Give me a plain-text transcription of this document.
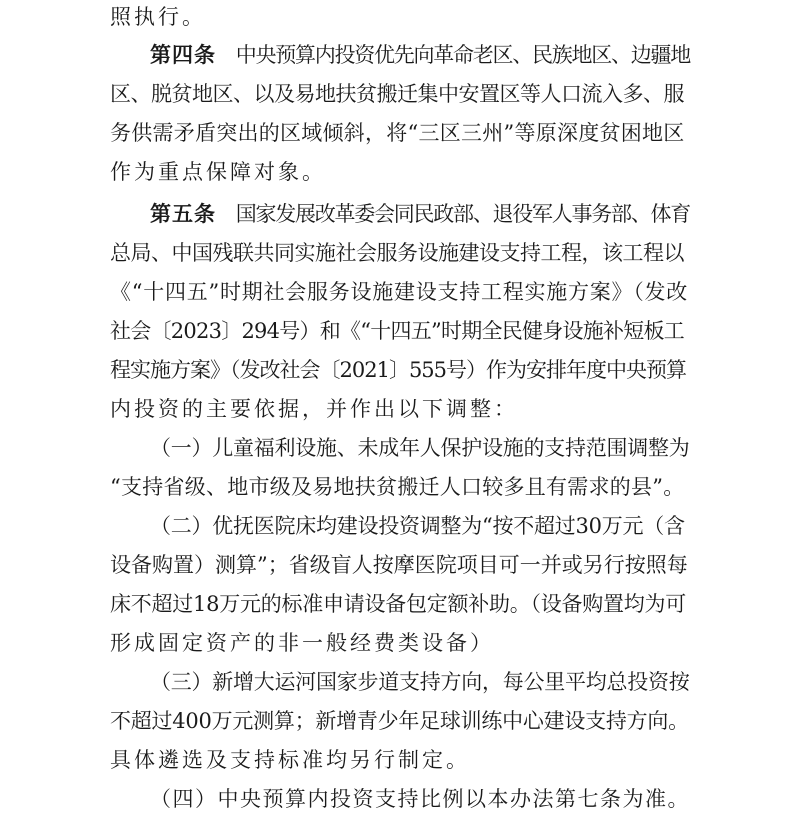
照执行。
第四条　 中央预算内投资优先向革命老区、民族地区、边疆地
区、脱贫地区、以及易地扶贫搬迁集中安置区等人口流入多、服
务供需矛盾突出的区域倾斜，将“三区三州”等原深度贫困地区
作为重点保障对象。
第五条　 国家发展改革委会同民政部、退役军人事务部、体育
总局、中国残联共同实施社会服务设施建设支持工程，该工程以
《“十四五”时期社会服务设施建设支持工程实施方案》（发改
社会〔2023〕294号）和《“十四五”时期全民健身设施补短板工
程实施方案》（发改社会〔2021〕555号）作为安排年度中央预算
内投资的主要依据，并作出以下调整：
（一）儿童福利设施、未成年人保护设施的支持范围调整为
“支持省级、地市级及易地扶贫搬迁人口较多且有需求的县”。
（二）优抚医院床均建设投资调整为“按不超过30万元（含
设备购置）测算”；省级盲人按摩医院项目可一并或另行按照每
床不超过18万元的标准申请设备包定额补助。（设备购置均为可
形成固定资产的非一般经费类设备）
（三）新增大运河国家步道支持方向，每公里平均总投资按
不超过400万元测算；新增青少年足球训练中心建设支持方向。
具体遴选及支持标准均另行制定。
（四）中央预算内投资支持比例以本办法第七条为准。
